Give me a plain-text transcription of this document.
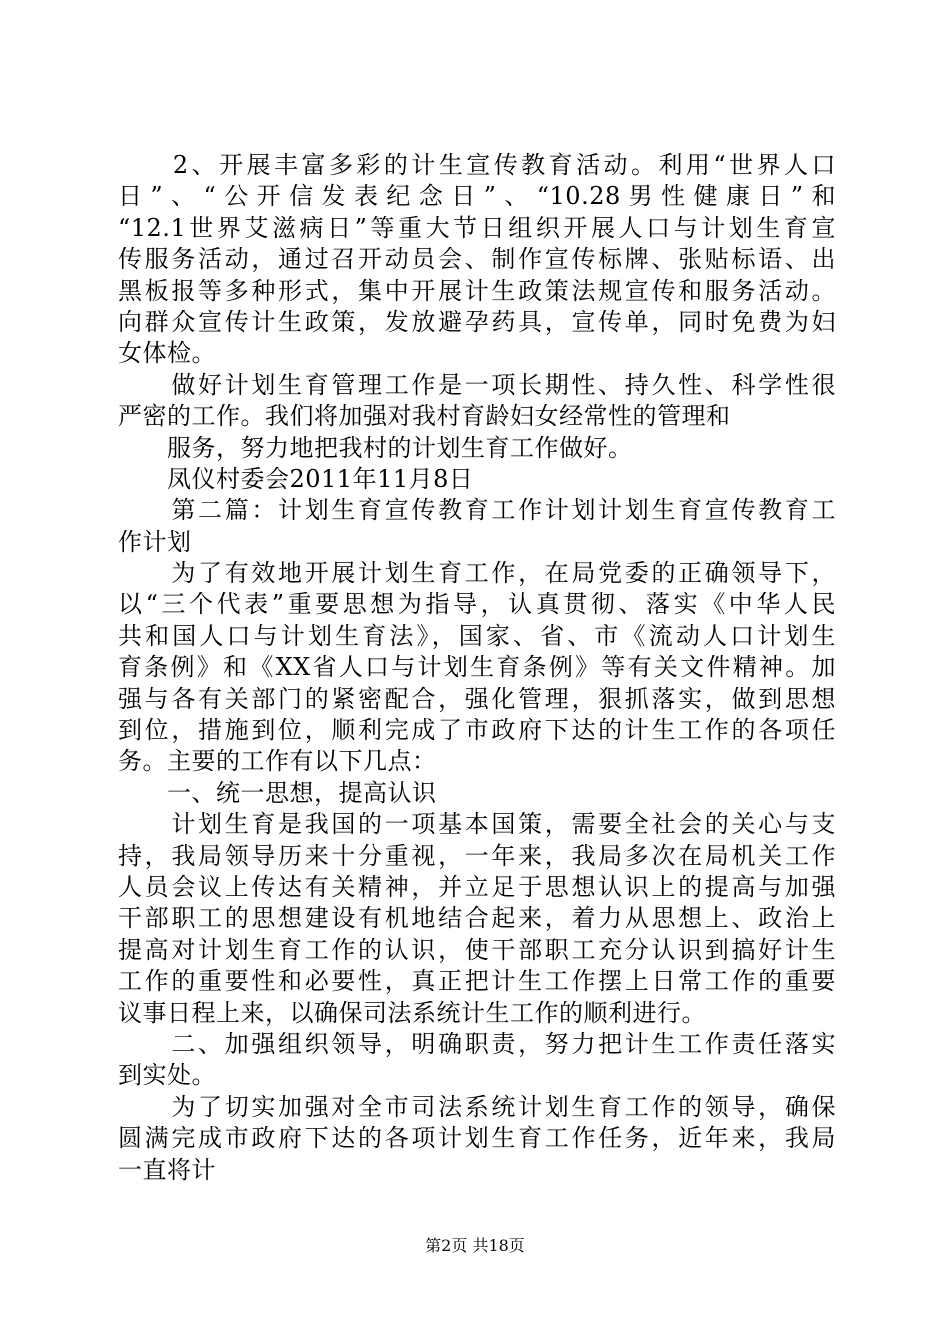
　　2、开展丰富多彩的计生宣传教育活动。利用“世界人口
日”、“公开信发表纪念日”、“10.28男性健康日”和
“12.1世界艾滋病日”等重大节日组织开展人口与计划生育宣
传服务活动，通过召开动员会、制作宣传标牌、张贴标语、出
黑板报等多种形式，集中开展计生政策法规宣传和服务活动。
向群众宣传计生政策，发放避孕药具，宣传单，同时免费为妇
女体检。
　　做好计划生育管理工作是一项长期性、持久性、科学性很
严密的工作。我们将加强对我村育龄妇女经常性的管理和
　　服务，努力地把我村的计划生育工作做好。
　　凤仪村委会2011年11月8日
　　第二篇：计划生育宣传教育工作计划计划生育宣传教育工
作计划
　　为了有效地开展计划生育工作，在局党委的正确领导下，
以“三个代表”重要思想为指导，认真贯彻、落实《中华人民
共和国人口与计划生育法》，国家、省、市《流动人口计划生
育条例》和《XX省人口与计划生育条例》等有关文件精神。加
强与各有关部门的紧密配合，强化管理，狠抓落实，做到思想
到位，措施到位，顺利完成了市政府下达的计生工作的各项任
务。主要的工作有以下几点：
　　一、统一思想，提高认识
　　计划生育是我国的一项基本国策，需要全社会的关心与支
持，我局领导历来十分重视，一年来，我局多次在局机关工作
人员会议上传达有关精神，并立足于思想认识上的提高与加强
干部职工的思想建设有机地结合起来，着力从思想上、政治上
提高对计划生育工作的认识，使干部职工充分认识到搞好计生
工作的重要性和必要性，真正把计生工作摆上日常工作的重要
议事日程上来，以确保司法系统计生工作的顺利进行。
　　二、加强组织领导，明确职责，努力把计生工作责任落实
到实处。
　　为了切实加强对全市司法系统计划生育工作的领导，确保
圆满完成市政府下达的各项计划生育工作任务，近年来，我局
一直将计
第2页 共18页
